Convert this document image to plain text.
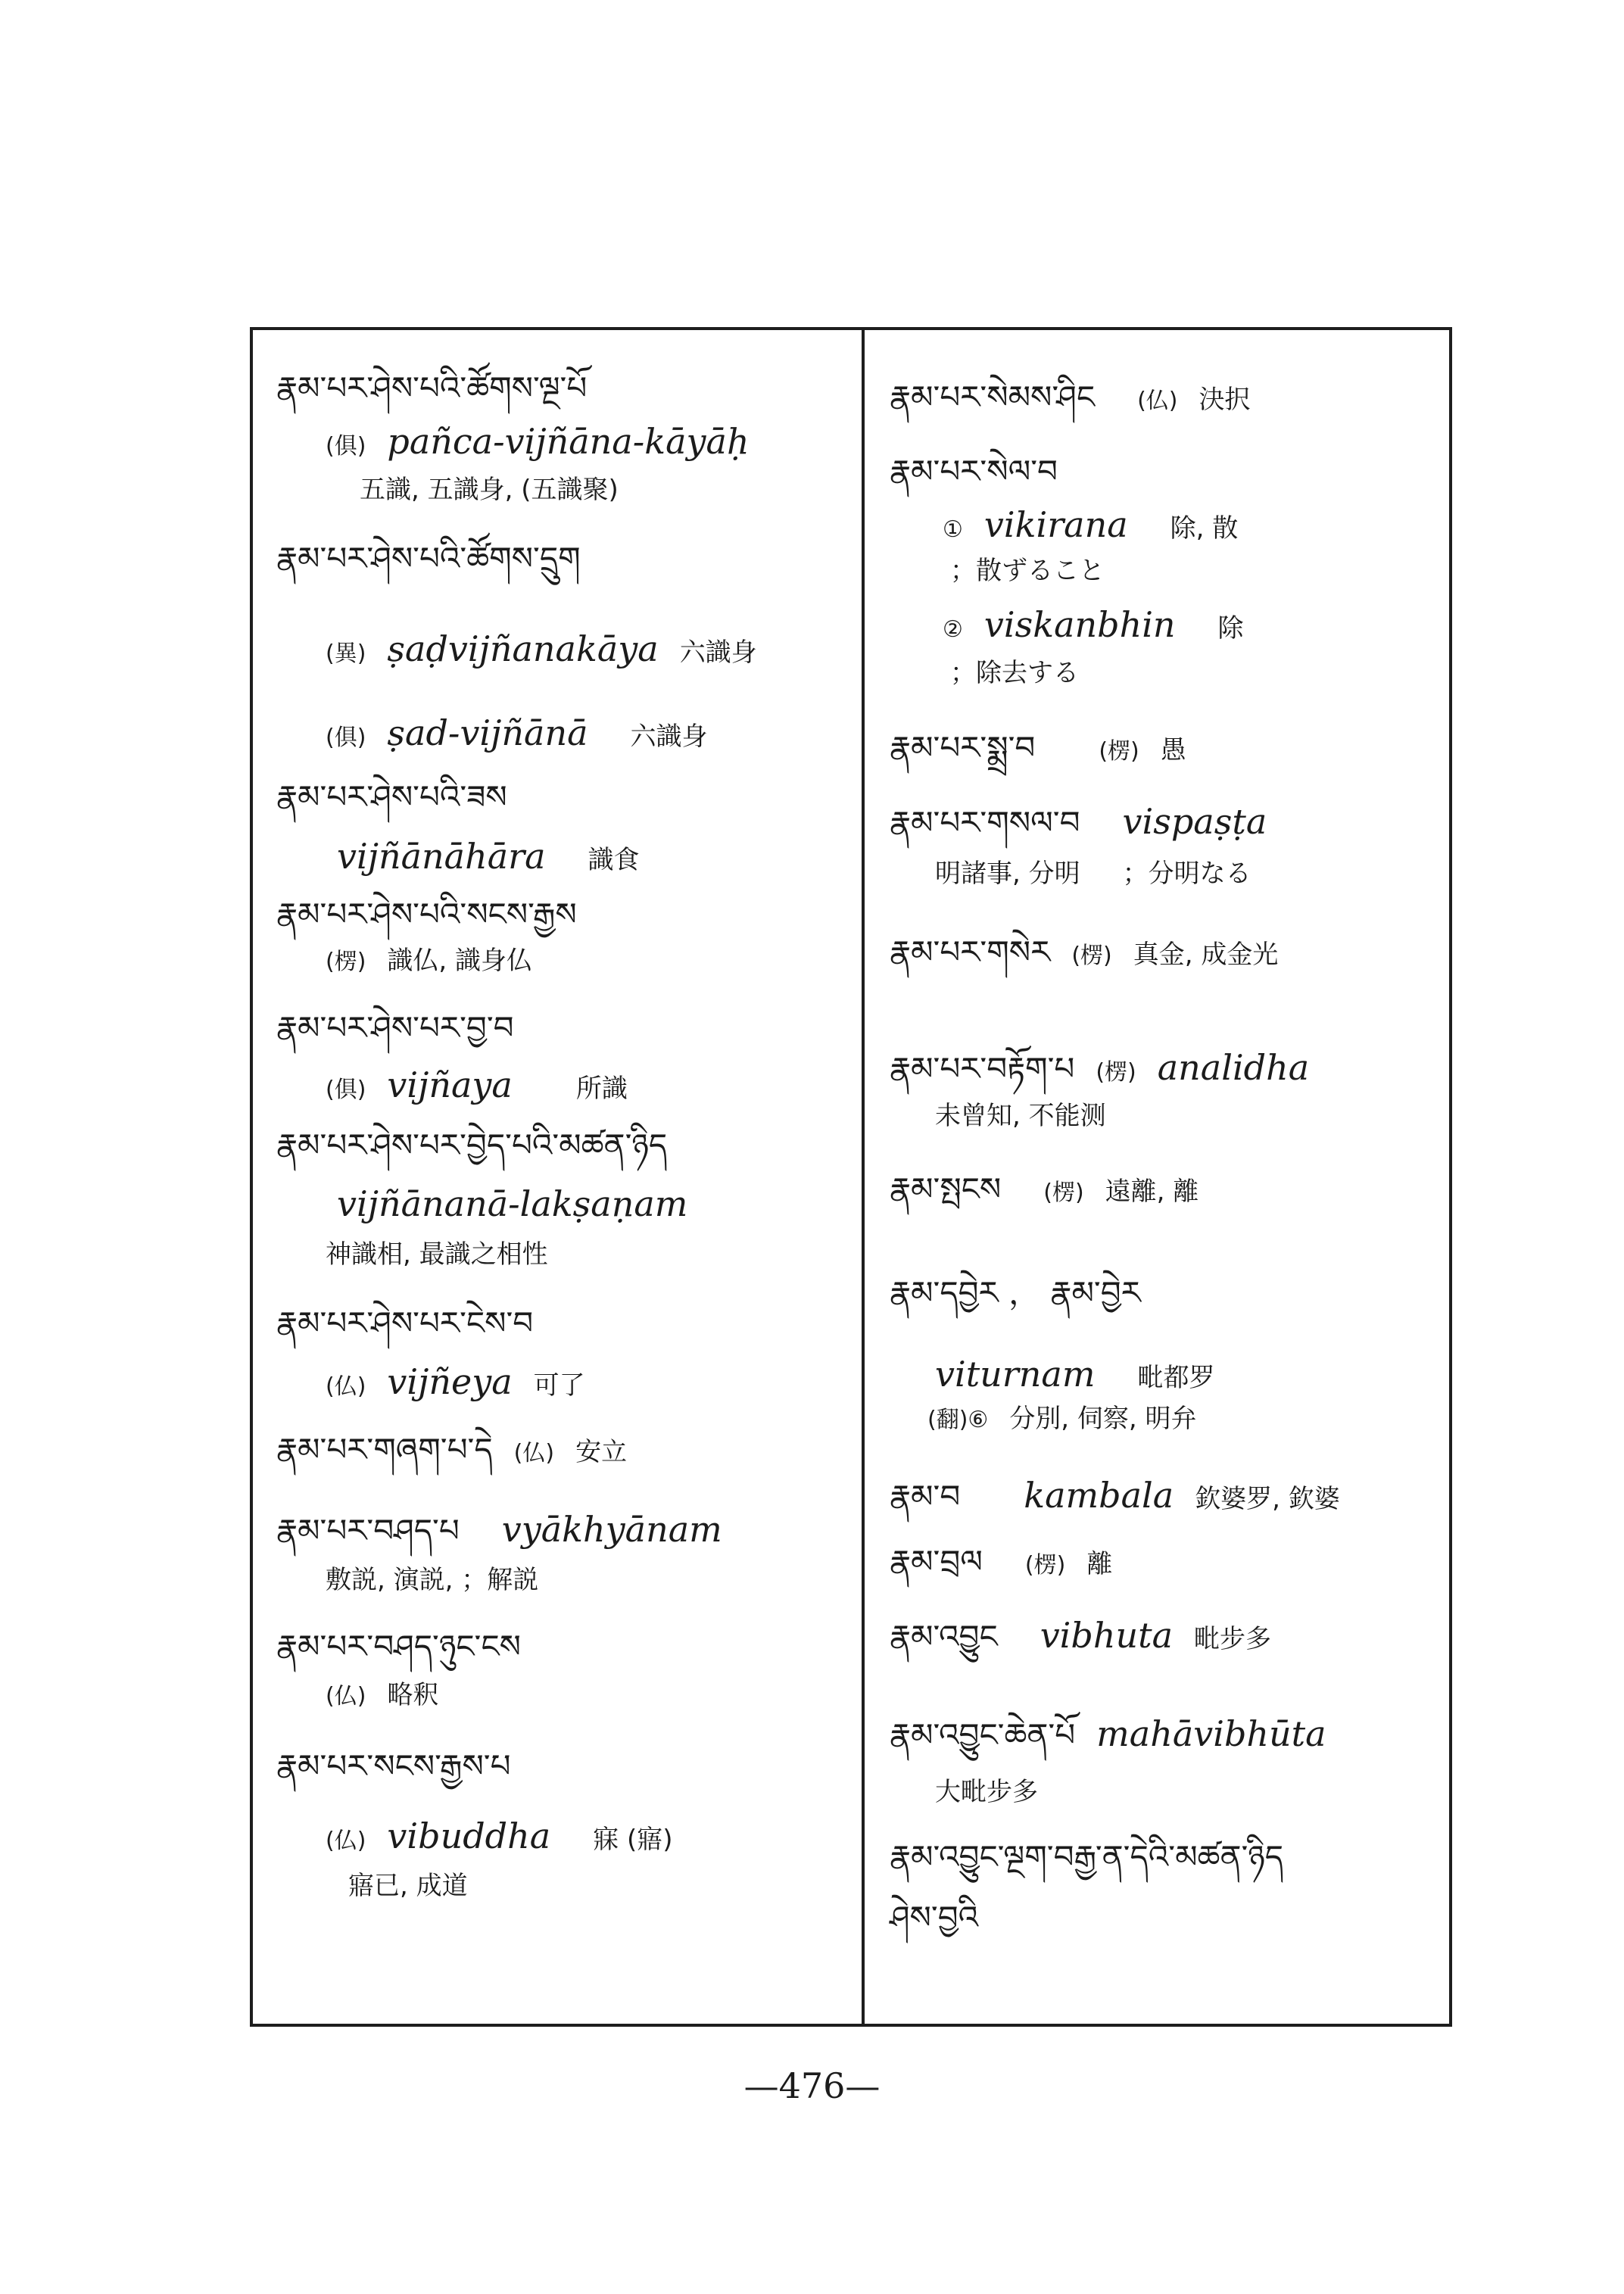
རྣམ་པར་ཤེས་པའི་ཚོགས་ལྔ་པོ
(俱) pañca-vijñāna-kāyāḥ
五識, 五識身, (五識聚)
རྣམ་པར་ཤེས་པའི་ཚོགས་དྲུག
(異) ṣaḍvijñanakāya 六識身
(俱) ṣad-vijñānā 六識身
རྣམ་པར་ཤེས་པའི་ཟས
vijñānāhāra 識食
རྣམ་པར་ཤེས་པའི་སངས་རྒྱས
(楞) 識仏, 識身仏
རྣམ་པར་ཤེས་པར་བྱ་བ
(俱) vijñaya 所識
རྣམ་པར་ཤེས་པར་བྱེད་པའི་མཚན་ཉིད
vijñānanā-lakṣaṇam
神識相, 最識之相性
རྣམ་པར་ཤེས་པར་ངེས་བ
(仏) vijñeya 可了
རྣམ་པར་གཞག་པ་དེ (仏) 安立
རྣམ་པར་བཤད་པ vyākhyānam
敷説, 演説, ；解説
རྣམ་པར་བཤད་ཉུང་ངས
(仏) 略釈
རྣམ་པར་སངས་རྒྱས་པ
(仏) vibuddha 寐 (寤)
寤已, 成道
རྣམ་པར་སེམས་ཤིང (仏) 決択
རྣམ་པར་སེལ་བ
① vikirana 除, 散
；散ずること
② viskanbhin 除
；除去する
རྣམ་པར་སྨྲ་བ	(楞) 愚
རྣམ་པར་གསལ་བ vispaṣṭa
明諸事, 分明 ；分明なる
རྣམ་པར་གསེར (楞) 真金, 成金光
རྣམ་པར་བརྟོག་པ (楞) analidha
未曾知, 不能测
རྣམ་སྤངས (楞) 遠離, 離
རྣམ་དབྱེར ， རྣམ་བྱེར
viturnam 毗都罗
(翻)⑥ 分別, 伺察, 明弁
རྣམ་བ kambala 欽婆罗, 欽婆
རྣམ་བྲལ (楞) 離
རྣམ་འབྱུང vibhuta 毗步多
རྣམ་འབྱུང་ཆེན་པོ mahāvibhūta
大毗步多
རྣམ་འབྱུང་ལྔག་བརྒྱ་ན་དེའི་མཚན་ཉིད
ཤེས་བྱའི
—476—
